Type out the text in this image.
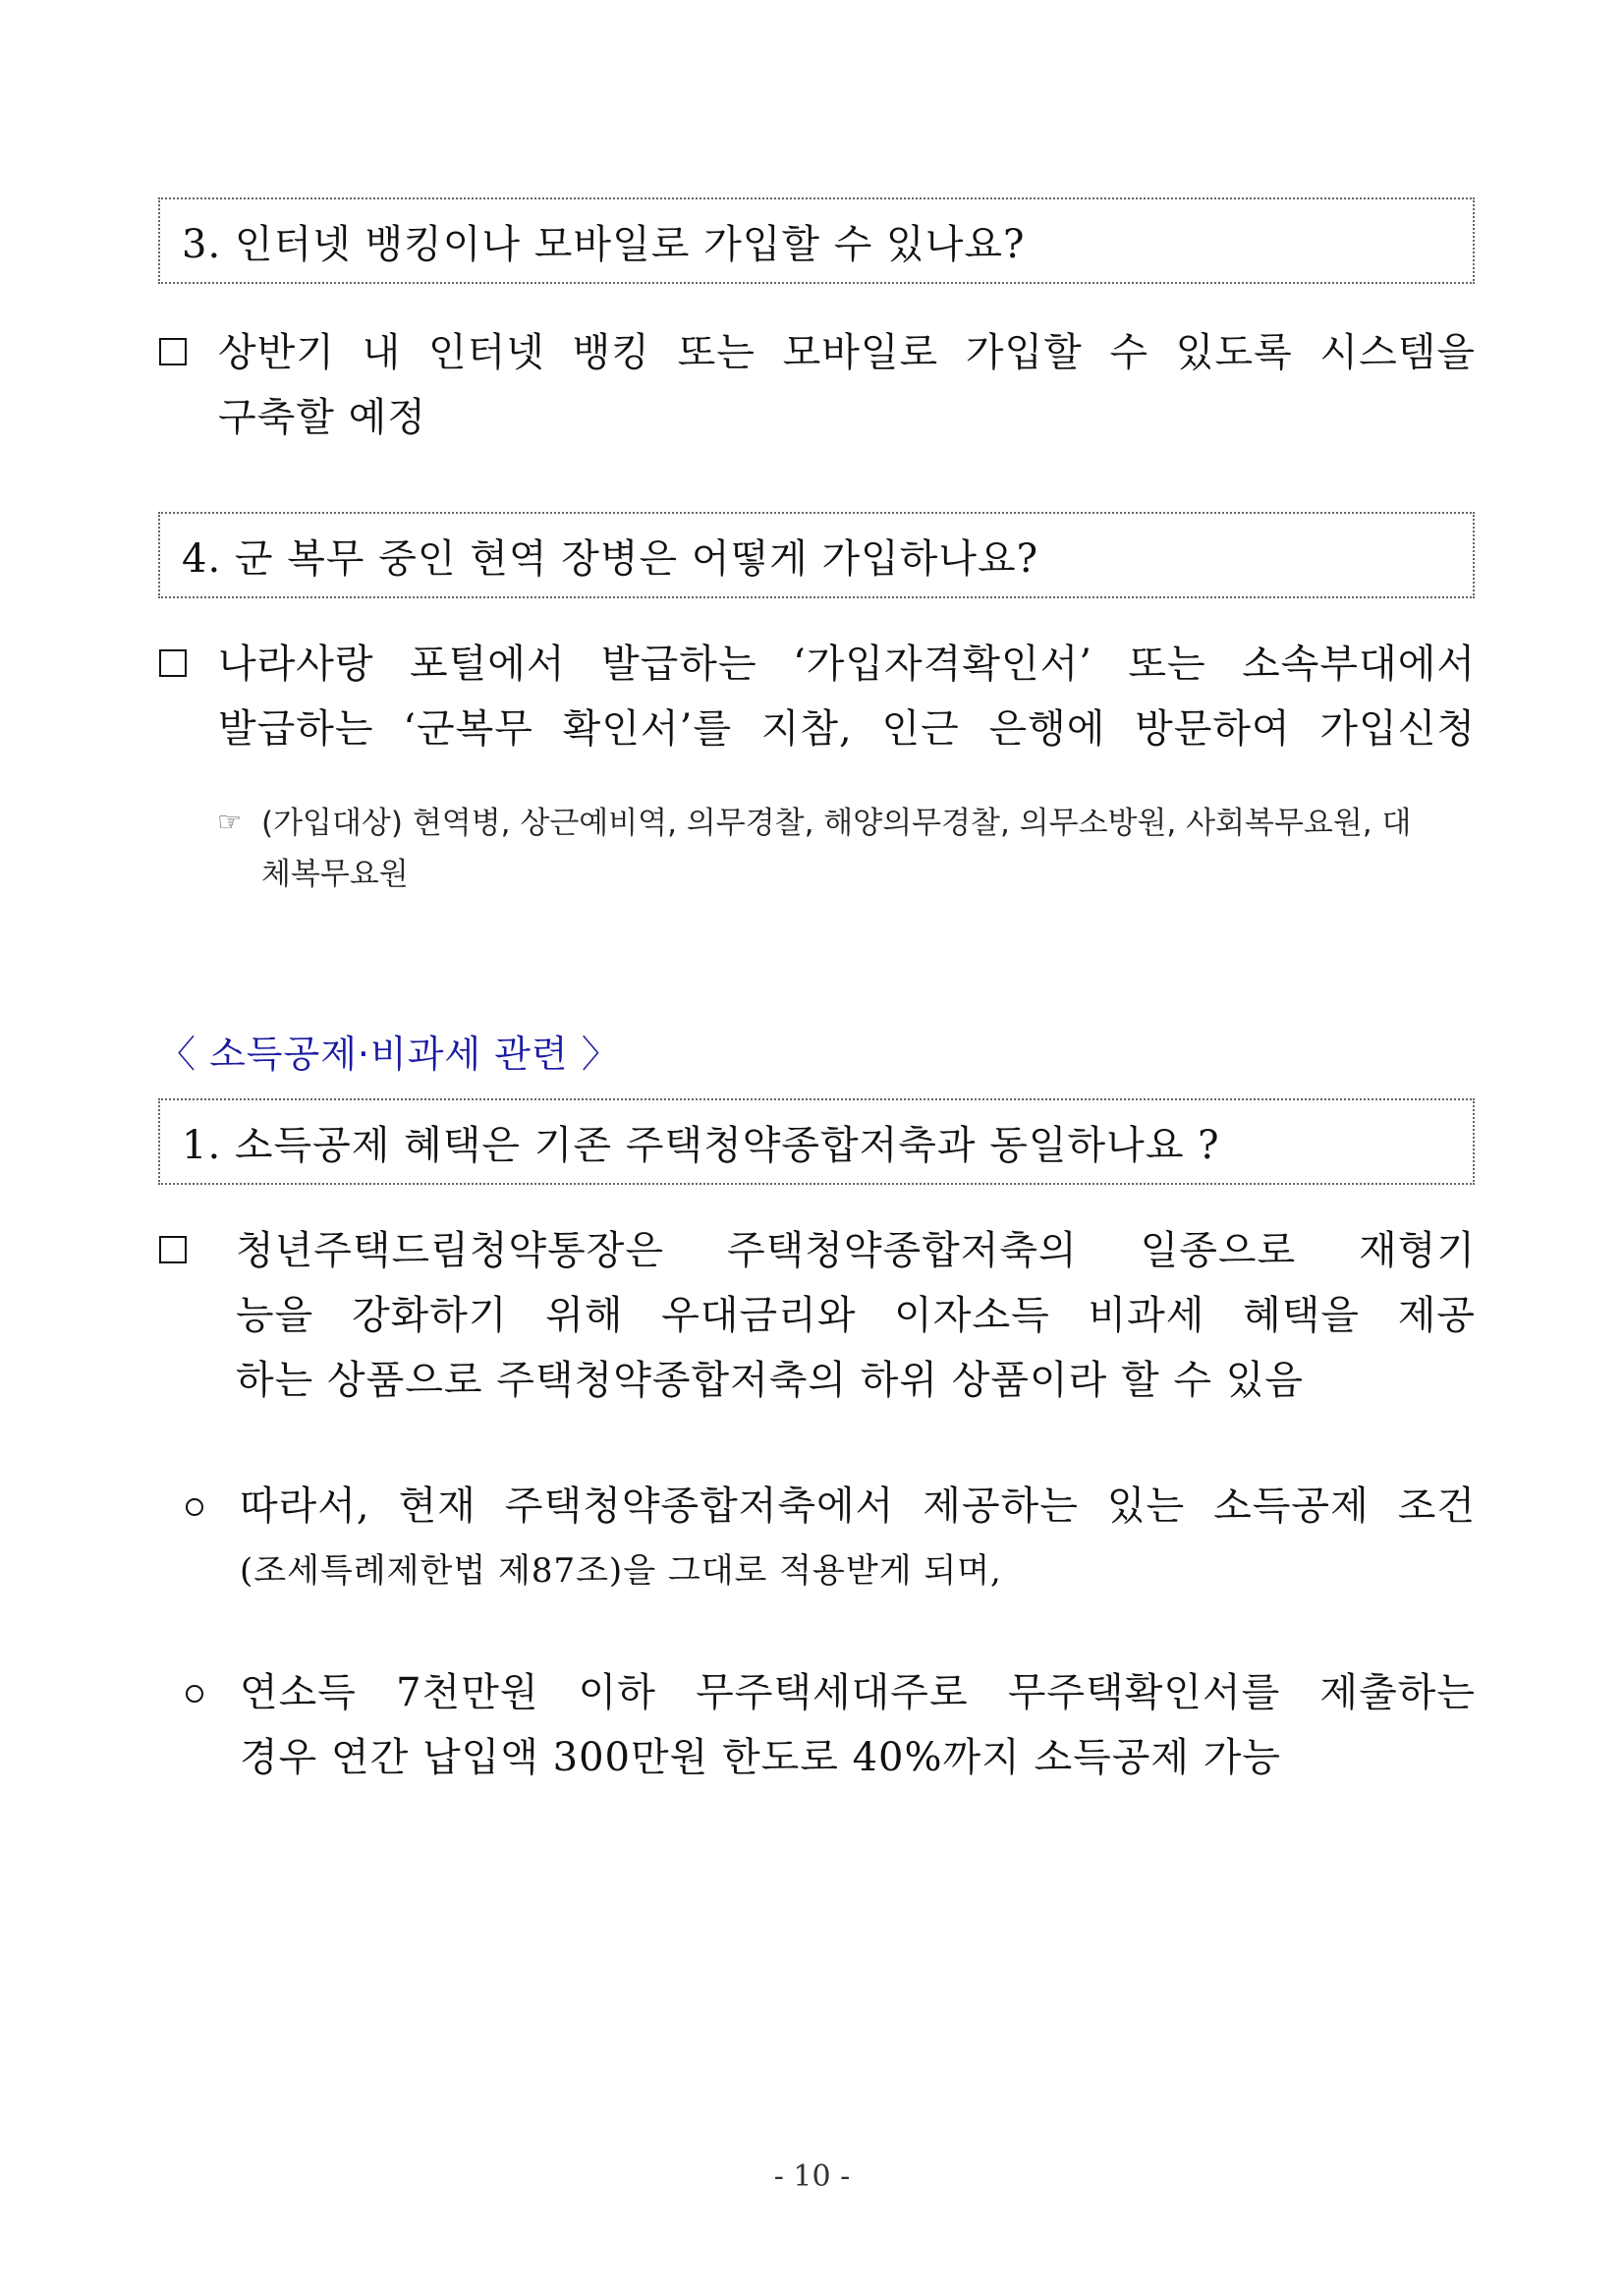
3. 인터넷 뱅킹이나 모바일로 가입할 수 있나요?
상반기 내 인터넷 뱅킹 또는 모바일로 가입할 수 있도록 시스템을
구축할 예정
4. 군 복무 중인 현역 장병은 어떻게 가입하나요?
나라사랑 포털에서 발급하는 ‘가입자격확인서’ 또는 소속부대에서
발급하는 ‘군복무 확인서’를 지참, 인근 은행에 방문하여 가입신청
☞ (가입대상) 현역병, 상근예비역, 의무경찰, 해양의무경찰, 의무소방원, 사회복무요원, 대
체복무요원
〈 소득공제·비과세 관련 〉
1. 소득공제 혜택은 기존 주택청약종합저축과 동일하나요 ?
청년주택드림청약통장은 주택청약종합저축의 일종으로 재형기
능을 강화하기 위해 우대금리와 이자소득 비과세 혜택을 제공
하는 상품으로 주택청약종합저축의 하위 상품이라 할 수 있음
따라서, 현재 주택청약종합저축에서 제공하는 있는 소득공제 조건
(조세특례제한법 제87조)을 그대로 적용받게 되며,
연소득 7천만원 이하 무주택세대주로 무주택확인서를 제출하는
경우 연간 납입액 300만원 한도로 40%까지 소득공제 가능
- 10 -
